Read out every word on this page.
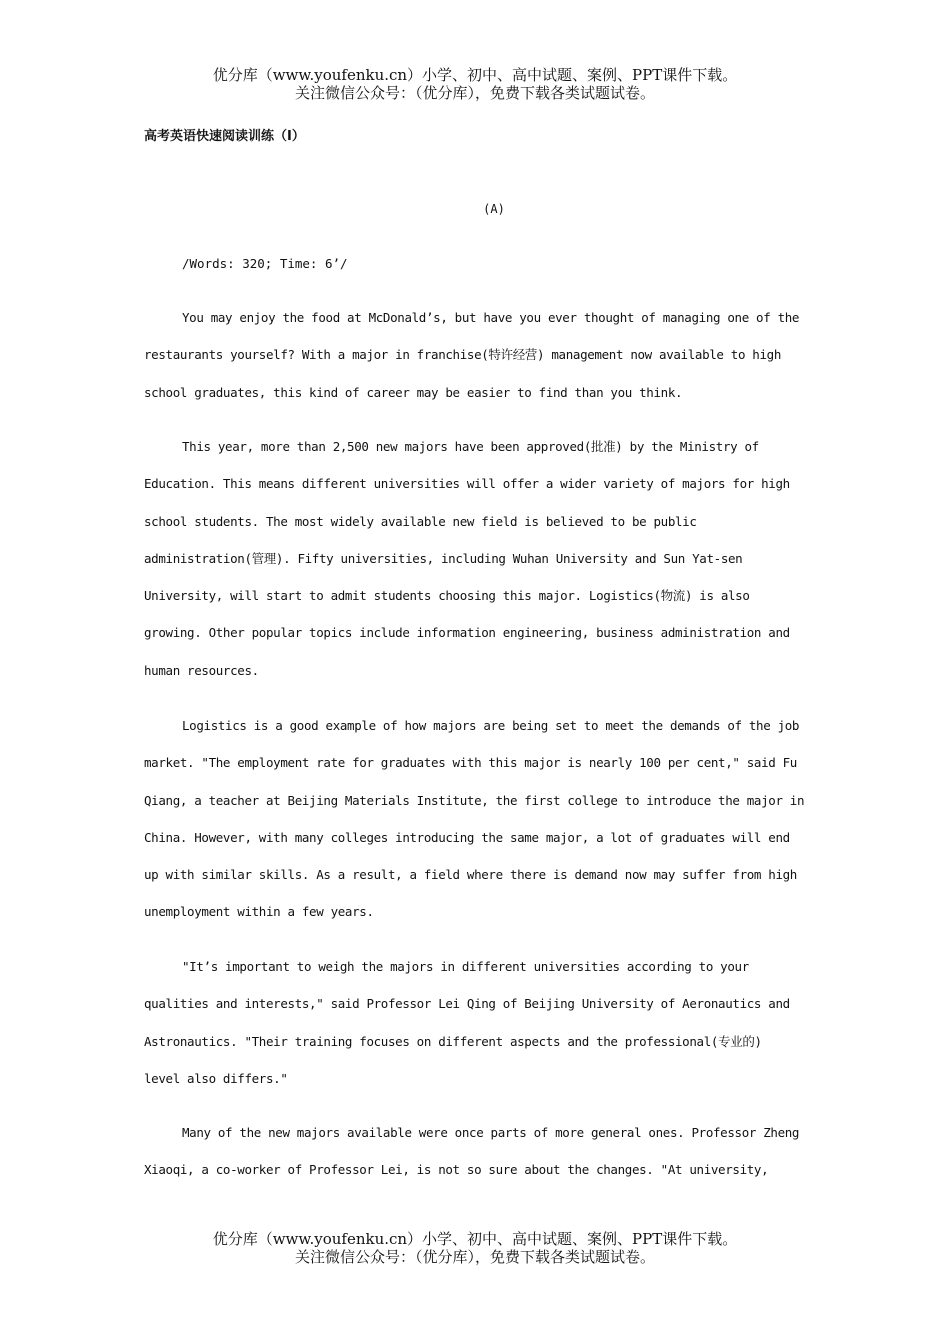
优分库（www.youfenku.cn）小学、初中、高中试题、案例、PPT课件下载。
关注微信公众号：（优分库），免费下载各类试题试卷。
高考英语快速阅读训练（I）
(A)
/Words: 320; Time: 6’/
You may enjoy the food at McDonald’s, but have you ever thought of managing one of the
restaurants yourself? With a major in franchise(特许经营) management now available to high
school graduates, this kind of career may be easier to find than you think.
This year, more than 2,500 new majors have been approved(批准) by the Ministry of
Education. This means different universities will offer a wider variety of majors for high
school students. The most widely available new field is believed to be public
administration(管理). Fifty universities, including Wuhan University and Sun Yat-sen
University, will start to admit students choosing this major. Logistics(物流) is also
growing. Other popular topics include information engineering, business administration and
human resources.
Logistics is a good example of how majors are being set to meet the demands of the job
market. "The employment rate for graduates with this major is nearly 100 per cent," said Fu
Qiang, a teacher at Beijing Materials Institute, the first college to introduce the major in
China. However, with many colleges introducing the same major, a lot of graduates will end
up with similar skills. As a result, a field where there is demand now may suffer from high
unemployment within a few years.
"It’s important to weigh the majors in different universities according to your
qualities and interests," said Professor Lei Qing of Beijing University of Aeronautics and
Astronautics. "Their training focuses on different aspects and the professional(专业的)
level also differs."
Many of the new majors available were once parts of more general ones. Professor Zheng
Xiaoqi, a co-worker of Professor Lei, is not so sure about the changes. "At university,
优分库（www.youfenku.cn）小学、初中、高中试题、案例、PPT课件下载。
关注微信公众号：（优分库），免费下载各类试题试卷。
